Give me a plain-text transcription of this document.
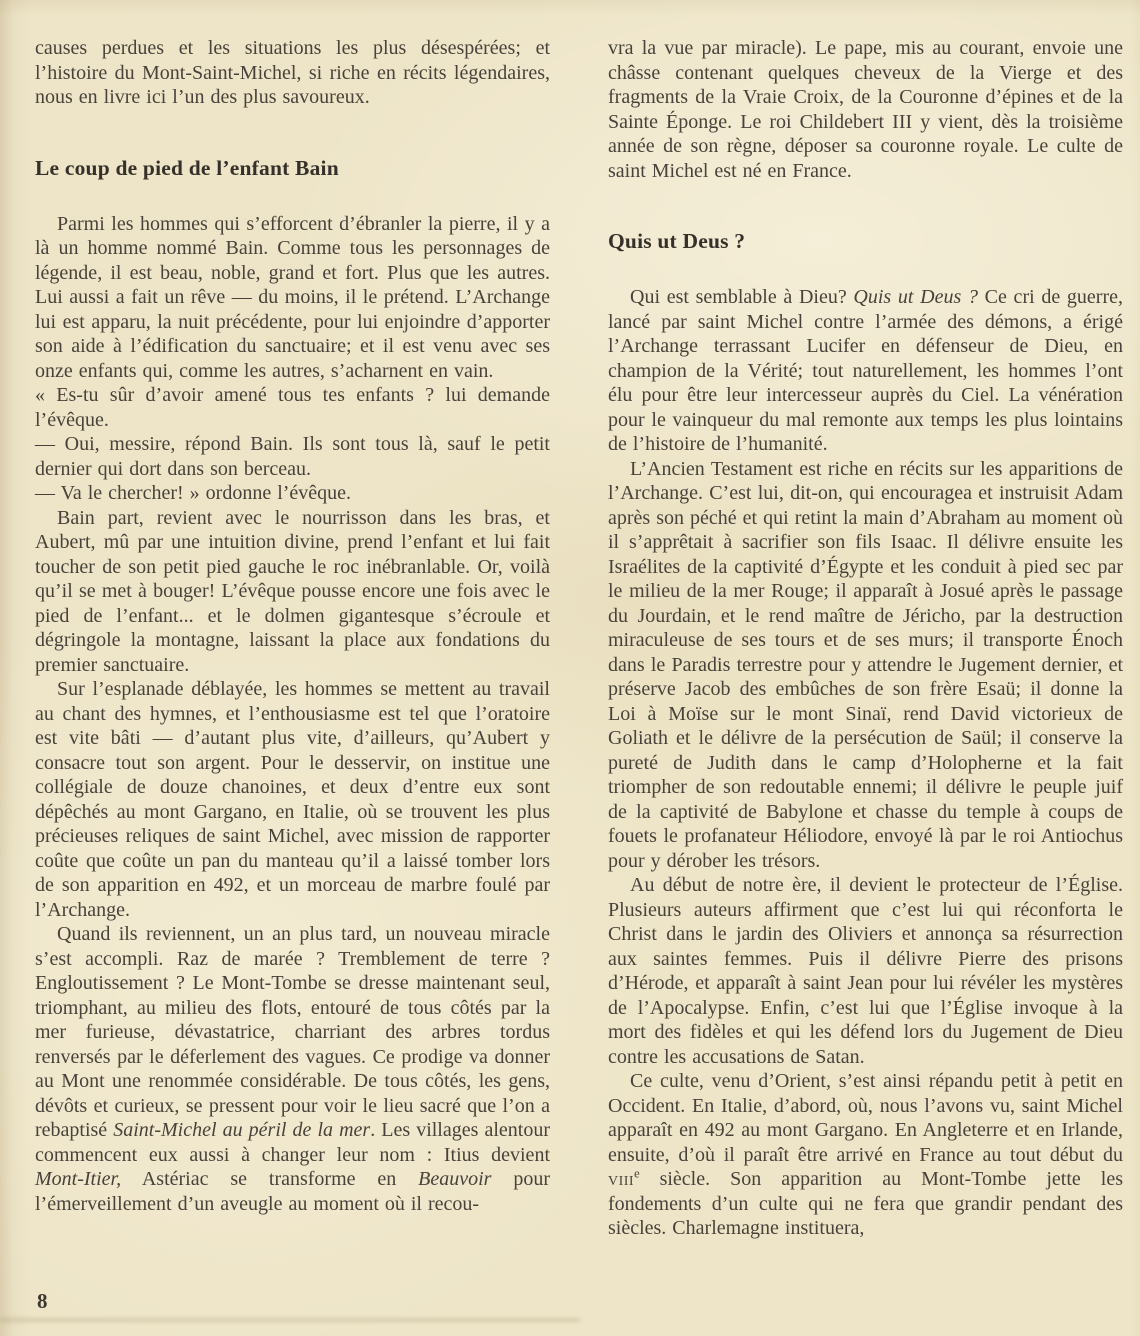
causes perdues et les situations les plus désespérées; et l’histoire du Mont-Saint-Michel, si riche en récits légendaires, nous en livre ici l’un des plus savoureux.

Le coup de pied de l’enfant Bain

Parmi les hommes qui s’efforcent d’ébranler la pierre, il y a là un homme nommé Bain. Comme tous les personnages de légende, il est beau, noble, grand et fort. Plus que les autres. Lui aussi a fait un rêve — du moins, il le prétend. L’Archange lui est apparu, la nuit précédente, pour lui enjoindre d’apporter son aide à l’édification du sanctuaire; et il est venu avec ses onze enfants qui, comme les autres, s’acharnent en vain.

« Es-tu sûr d’avoir amené tous tes enfants ? lui demande l’évêque.

— Oui, messire, répond Bain. Ils sont tous là, sauf le petit dernier qui dort dans son berceau.

— Va le chercher! » ordonne l’évêque.

Bain part, revient avec le nourrisson dans les bras, et Aubert, mû par une intuition divine, prend l’enfant et lui fait toucher de son petit pied gauche le roc inébranlable. Or, voilà qu’il se met à bouger! L’évêque pousse encore une fois avec le pied de l’enfant... et le dolmen gigantesque s’écroule et dégringole la montagne, laissant la place aux fondations du premier sanctuaire.

Sur l’esplanade déblayée, les hommes se mettent au travail au chant des hymnes, et l’enthousiasme est tel que l’oratoire est vite bâti — d’autant plus vite, d’ailleurs, qu’Aubert y consacre tout son argent. Pour le desservir, on institue une collégiale de douze chanoines, et deux d’entre eux sont dépêchés au mont Gargano, en Italie, où se trouvent les plus précieuses reliques de saint Michel, avec mission de rapporter coûte que coûte un pan du manteau qu’il a laissé tomber lors de son apparition en 492, et un morceau de marbre foulé par l’Archange.

Quand ils reviennent, un an plus tard, un nouveau miracle s’est accompli. Raz de marée ? Tremblement de terre ? Engloutissement ? Le Mont-Tombe se dresse maintenant seul, triomphant, au milieu des flots, entouré de tous côtés par la mer furieuse, dévastatrice, charriant des arbres tordus renversés par le déferlement des vagues. Ce prodige va donner au Mont une renommée considérable. De tous côtés, les gens, dévôts et curieux, se pressent pour voir le lieu sacré que l’on a rebaptisé Saint-Michel au péril de la mer. Les villages alentour commencent eux aussi à changer leur nom : Itius devient Mont-Itier, Astériac se transforme en Beauvoir pour l’émerveillement d’un aveugle au moment où il recou-

vra la vue par miracle). Le pape, mis au courant, envoie une châsse contenant quelques cheveux de la Vierge et des fragments de la Vraie Croix, de la Couronne d’épines et de la Sainte Éponge. Le roi Childebert III y vient, dès la troisième année de son règne, déposer sa couronne royale. Le culte de saint Michel est né en France.

Quis ut Deus ?

Qui est semblable à Dieu? Quis ut Deus ? Ce cri de guerre, lancé par saint Michel contre l’armée des démons, a érigé l’Archange terrassant Lucifer en défenseur de Dieu, en champion de la Vérité; tout naturellement, les hommes l’ont élu pour être leur intercesseur auprès du Ciel. La vénération pour le vainqueur du mal remonte aux temps les plus lointains de l’histoire de l’humanité.

L’Ancien Testament est riche en récits sur les apparitions de l’Archange. C’est lui, dit-on, qui encouragea et instruisit Adam après son péché et qui retint la main d’Abraham au moment où il s’apprêtait à sacrifier son fils Isaac. Il délivre ensuite les Israélites de la captivité d’Égypte et les conduit à pied sec par le milieu de la mer Rouge; il apparaît à Josué après le passage du Jourdain, et le rend maître de Jéricho, par la destruction miraculeuse de ses tours et de ses murs; il transporte Énoch dans le Paradis terrestre pour y attendre le Jugement dernier, et préserve Jacob des embûches de son frère Esaü; il donne la Loi à Moïse sur le mont Sinaï, rend David victorieux de Goliath et le délivre de la persécution de Saül; il conserve la pureté de Judith dans le camp d’Holopherne et la fait triompher de son redoutable ennemi; il délivre le peuple juif de la captivité de Babylone et chasse du temple à coups de fouets le profanateur Héliodore, envoyé là par le roi Antiochus pour y dérober les trésors.

Au début de notre ère, il devient le protecteur de l’Église. Plusieurs auteurs affirment que c’est lui qui réconforta le Christ dans le jardin des Oliviers et annonça sa résurrection aux saintes femmes. Puis il délivre Pierre des prisons d’Hérode, et apparaît à saint Jean pour lui révéler les mystères de l’Apocalypse. Enfin, c’est lui que l’Église invoque à la mort des fidèles et qui les défend lors du Jugement de Dieu contre les accusations de Satan.

Ce culte, venu d’Orient, s’est ainsi répandu petit à petit en Occident. En Italie, d’abord, où, nous l’avons vu, saint Michel apparaît en 492 au mont Gargano. En Angleterre et en Irlande, ensuite, d’où il paraît être arrivé en France au tout début du viii$^e$ siècle. Son apparition au Mont-Tombe jette les fondements d’un culte qui ne fera que grandir pendant des siècles. Charlemagne instituera,

8
